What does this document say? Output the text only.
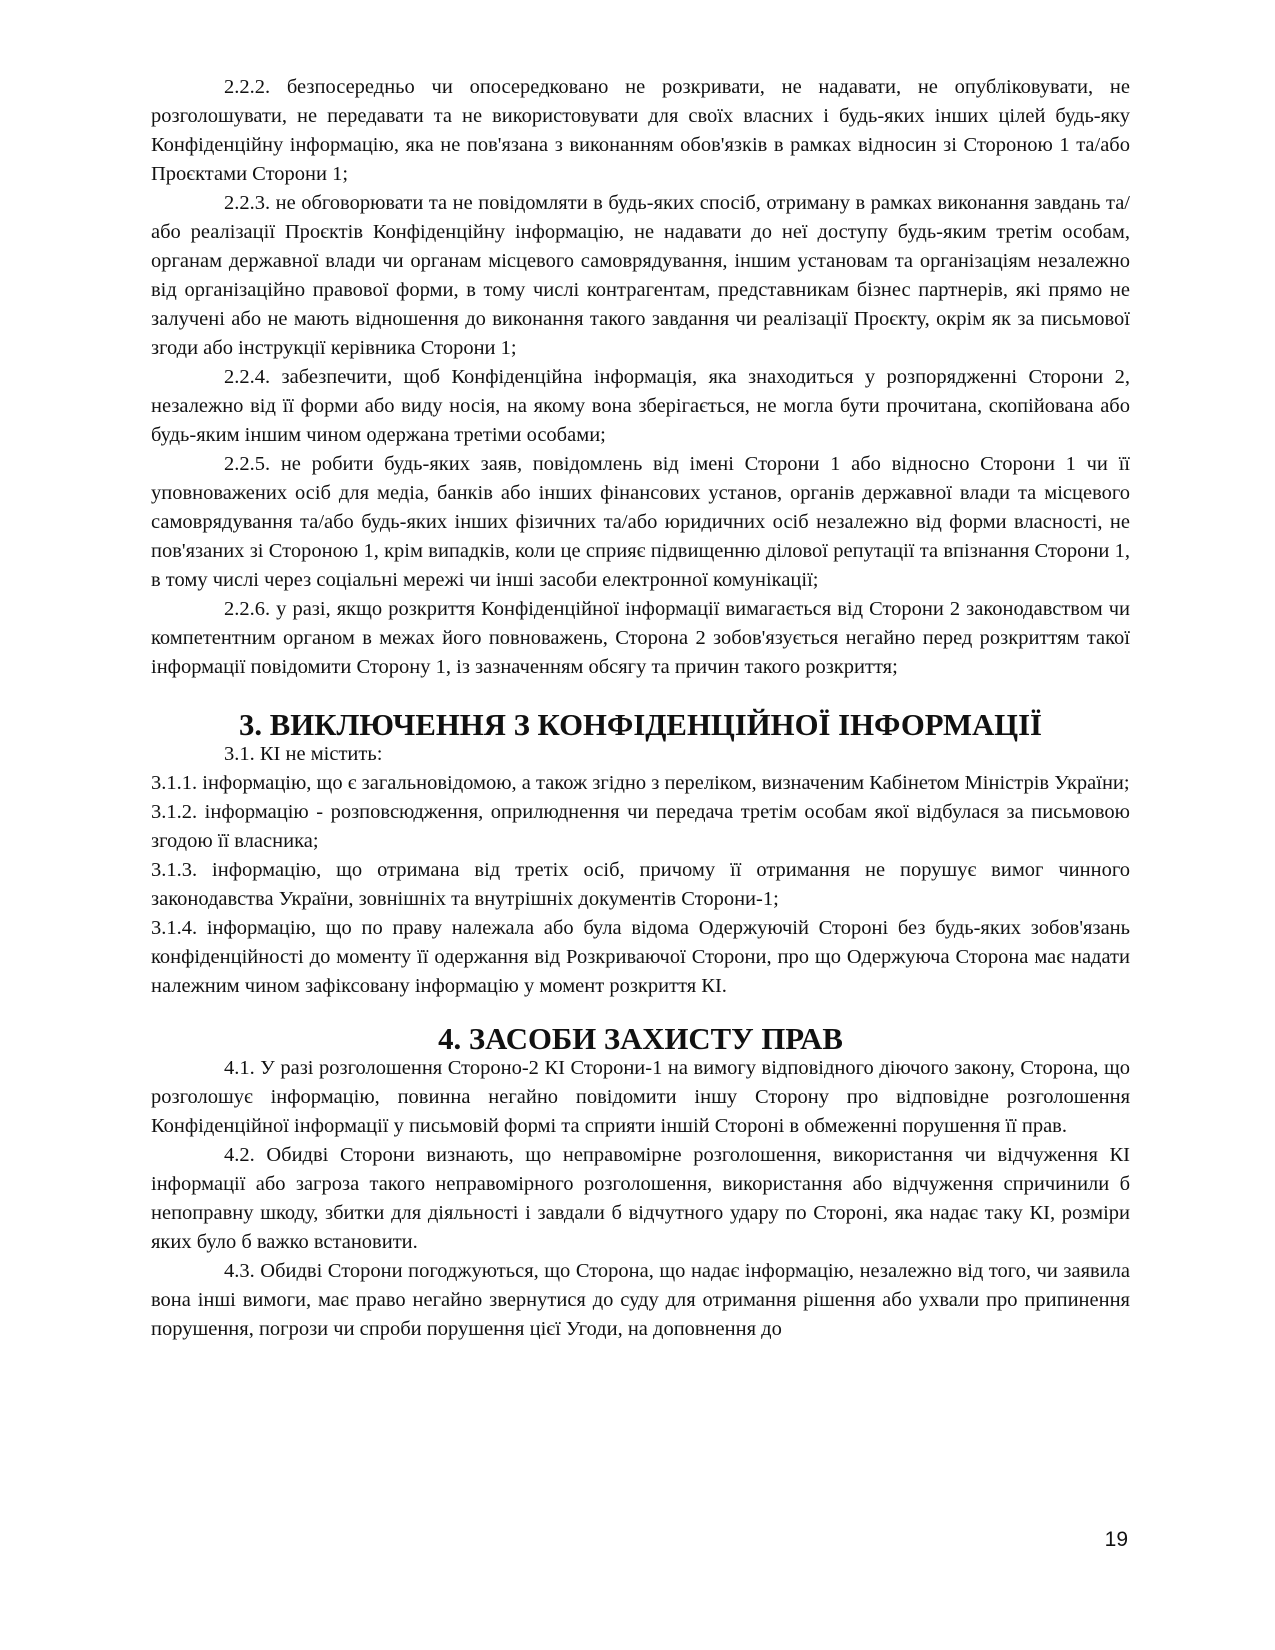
2.2.2. безпосередньо чи опосередковано не розкривати, не надавати, не опубліковувати, не розголошувати, не передавати та не використовувати для своїх власних і будь-яких інших цілей будь-яку Конфіденційну інформацію, яка не пов'язана з виконанням обов'язків в рамках відносин зі Стороною 1 та/або Проєктами Сторони 1;

2.2.3. не обговорювати та не повідомляти в будь-яких спосіб, отриману в рамках виконання завдань та/ або реалізації Проєктів Конфіденційну інформацію, не надавати до неї доступу будь-яким третім особам, органам державної влади чи органам місцевого самоврядування, іншим установам та організаціям незалежно від організаційно правової форми, в тому числі контрагентам, представникам бізнес партнерів, які прямо не залучені або не мають відношення до виконання такого завдання чи реалізації Проєкту, окрім як за письмової згоди або інструкції керівника Сторони 1;

2.2.4. забезпечити, щоб Конфіденційна інформація, яка знаходиться у розпорядженні Сторони 2, незалежно від її форми або виду носія, на якому вона зберігається, не могла бути прочитана, скопійована або будь-яким іншим чином одержана третіми особами;

2.2.5. не робити будь-яких заяв, повідомлень від імені Сторони 1 або відносно Сторони 1 чи її уповноважених осіб для медіа, банків або інших фінансових установ, органів державної влади та місцевого самоврядування та/або будь-яких інших фізичних та/або юридичних осіб незалежно від форми власності, не пов'язаних зі Стороною 1, крім випадків, коли це сприяє підвищенню ділової репутації та впізнання Сторони 1, в тому числі через соціальні мережі чи інші засоби електронної комунікації;

2.2.6. у разі, якщо розкриття Конфіденційної інформації вимагається від Сторони 2 законодавством чи компетентним органом в межах його повноважень, Сторона 2 зобов'язується негайно перед розкриттям такої інформації повідомити Сторону 1, із зазначенням обсягу та причин такого розкриття;

3. ВИКЛЮЧЕННЯ З КОНФІДЕНЦІЙНОЇ ІНФОРМАЦІЇ

3.1. КІ не містить:

3.1.1. інформацію, що є загальновідомою, а також згідно з переліком, визначеним Кабінетом Міністрів України;

3.1.2. інформацію - розповсюдження, оприлюднення чи передача третім особам якої відбулася за письмовою згодою її власника;

3.1.3. інформацію, що отримана від третіх осіб, причому її отримання не порушує вимог чинного законодавства України, зовнішніх та внутрішніх документів Сторони-1;

3.1.4. інформацію, що по праву належала або була відома Одержуючій Стороні без будь-яких зобов'язань конфіденційності до моменту її одержання від Розкриваючої Сторони, про що Одержуюча Сторона має надати належним чином зафіксовану інформацію у момент розкриття КІ.

4. ЗАСОБИ ЗАХИСТУ ПРАВ

4.1. У разі розголошення Стороно-2 КІ Сторони-1 на вимогу відповідного діючого закону, Сторона, що розголошує інформацію, повинна негайно повідомити іншу Сторону про відповідне розголошення Конфіденційної інформації у письмовій формі та сприяти іншій Стороні в обмеженні порушення її прав.

4.2. Обидві Сторони визнають, що неправомірне розголошення, використання чи відчуження КІ інформації або загроза такого неправомірного розголошення, використання або відчуження спричинили б непоправну шкоду, збитки для діяльності і завдали б відчутного удару по Стороні, яка надає таку КІ, розміри яких було б важко встановити.

4.3. Обидві Сторони погоджуються, що Сторона, що надає інформацію, незалежно від того, чи заявила вона інші вимоги, має право негайно звернутися до суду для отримання рішення або ухвали про припинення порушення, погрози чи спроби порушення цієї Угоди, на доповнення до

19
